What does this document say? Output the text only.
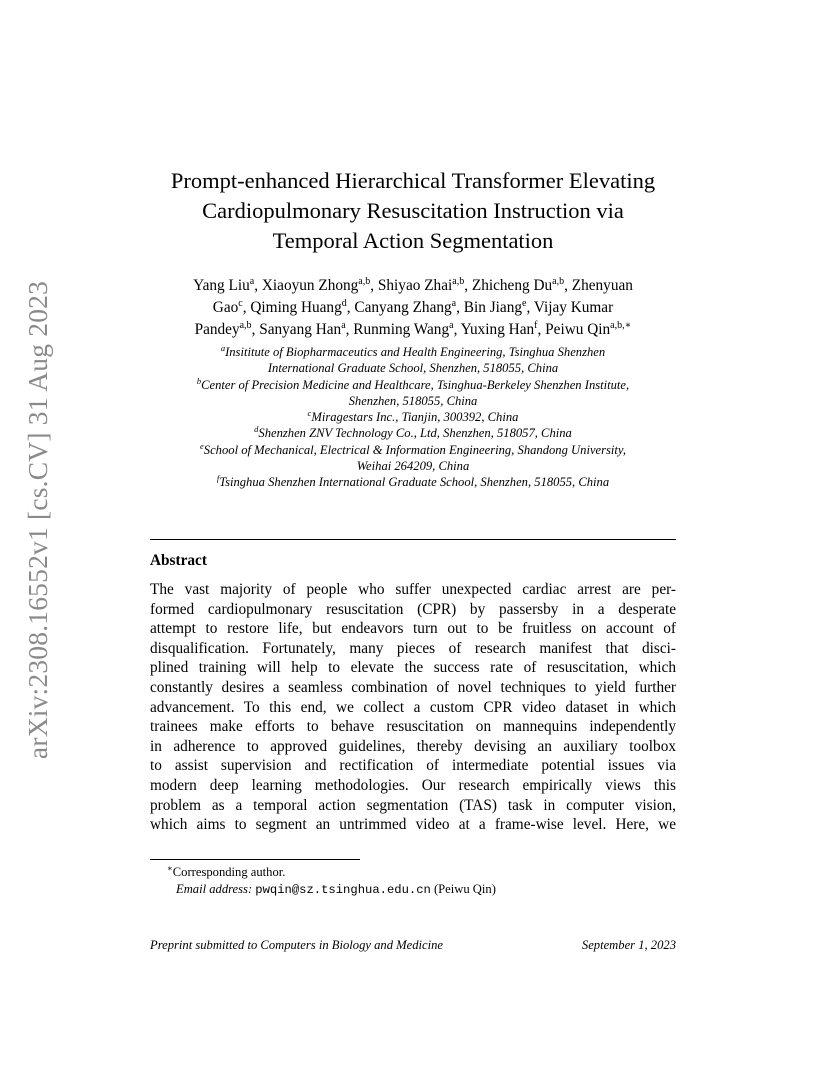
arXiv:2308.16552v1 [cs.CV] 31 Aug 2023
Prompt-enhanced Hierarchical Transformer Elevating
Cardiopulmonary Resuscitation Instruction via
Temporal Action Segmentation
Yang Liu$^a$, Xiaoyun Zhong$^{a,b}$, Shiyao Zhai$^{a,b}$, Zhicheng Du$^{a,b}$, Zhenyuan
Gao$^c$, Qiming Huang$^d$, Canyang Zhang$^a$, Bin Jiang$^e$, Vijay Kumar
Pandey$^{a,b}$, Sanyang Han$^a$, Runming Wang$^a$, Yuxing Han$^f$, Peiwu Qin$^{a,b,∗}$
$^a$Insititute of Biopharmaceutics and Health Engineering, Tsinghua Shenzhen
International Graduate School, Shenzhen, 518055, China
$^b$Center of Precision Medicine and Healthcare, Tsinghua-Berkeley Shenzhen Institute,
Shenzhen, 518055, China
$^c$Miragestars Inc., Tianjin, 300392, China
$^d$Shenzhen ZNV Technology Co., Ltd, Shenzhen, 518057, China
$^e$School of Mechanical, Electrical & Information Engineering, Shandong University,
Weihai 264209, China
$^f$Tsinghua Shenzhen International Graduate School, Shenzhen, 518055, China
Abstract
The vast majority of people who suffer unexpected cardiac arrest are per-
formed cardiopulmonary resuscitation (CPR) by passersby in a desperate
attempt to restore life, but endeavors turn out to be fruitless on account of
disqualification. Fortunately, many pieces of research manifest that disci-
plined training will help to elevate the success rate of resuscitation, which
constantly desires a seamless combination of novel techniques to yield further
advancement. To this end, we collect a custom CPR video dataset in which
trainees make efforts to behave resuscitation on mannequins independently
in adherence to approved guidelines, thereby devising an auxiliary toolbox
to assist supervision and rectification of intermediate potential issues via
modern deep learning methodologies. Our research empirically views this
problem as a temporal action segmentation (TAS) task in computer vision,
which aims to segment an untrimmed video at a frame-wise level. Here, we
∗Corresponding author.
Email address: pwqin@sz.tsinghua.edu.cn (Peiwu Qin)
Preprint submitted to Computers in Biology and Medicine	September 1, 2023
